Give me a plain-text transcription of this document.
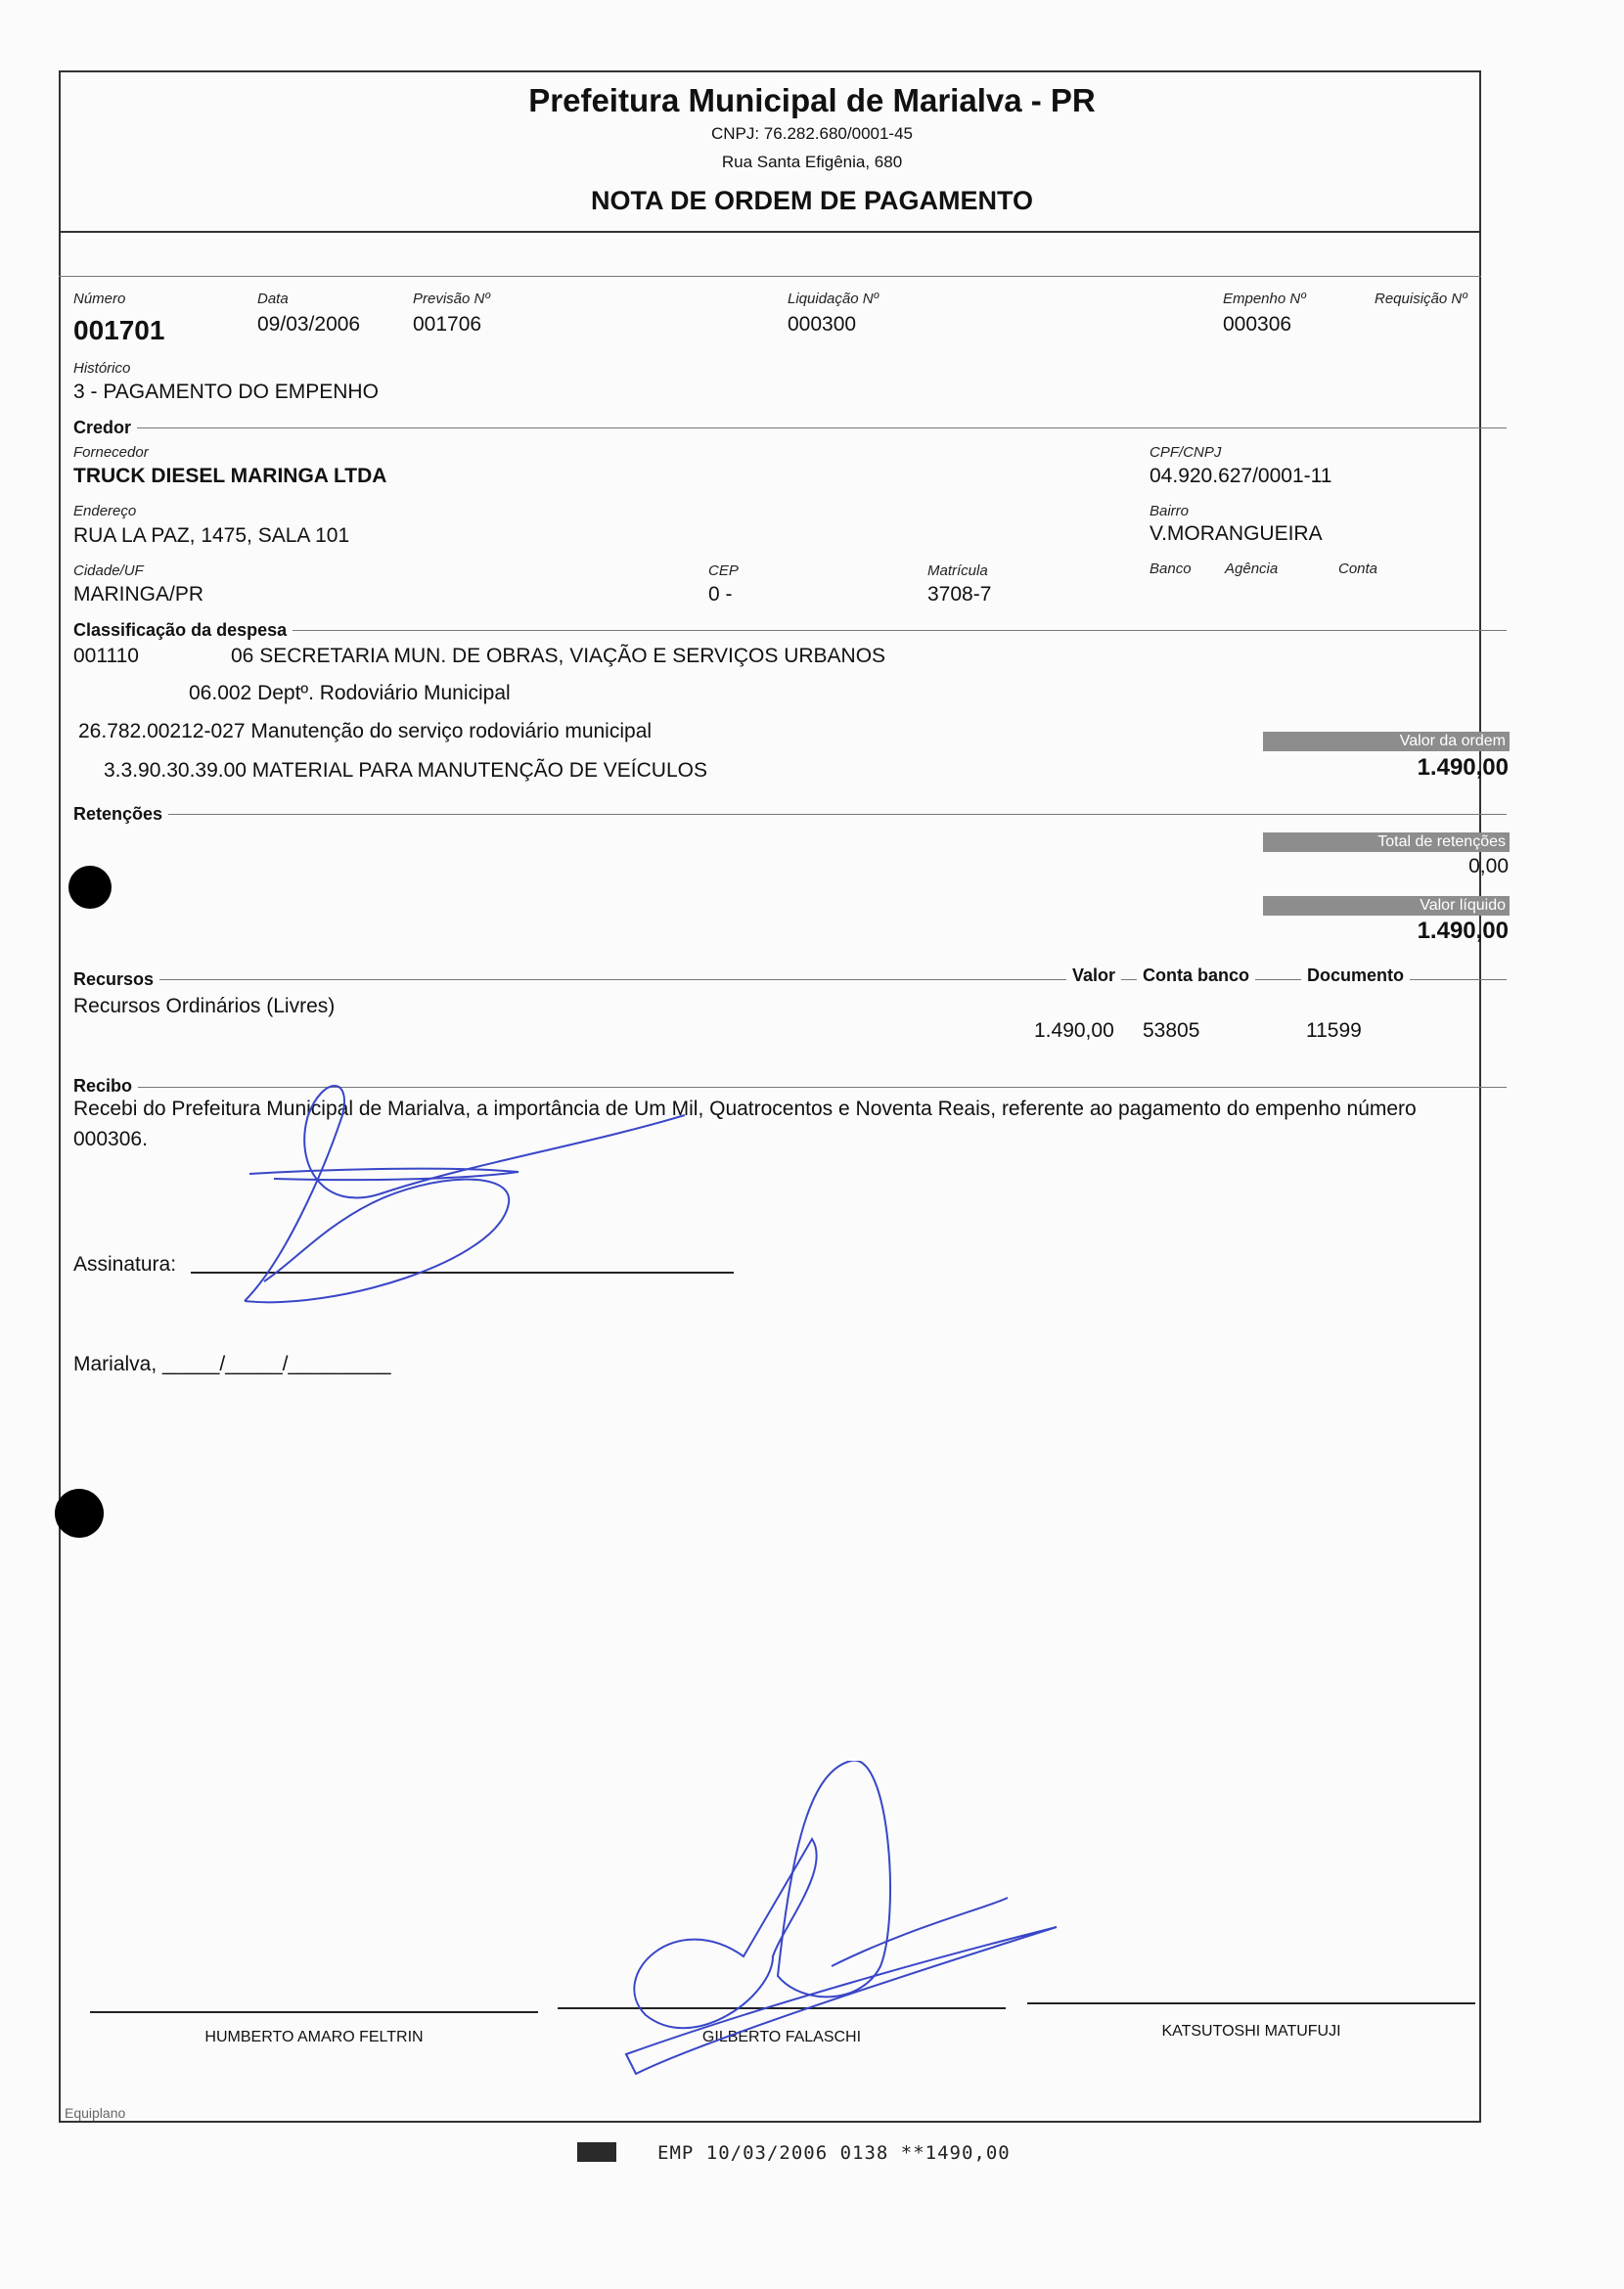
Prefeitura Municipal de Marialva - PR
CNPJ: 76.282.680/0001-45
Rua Santa Efigênia, 680
NOTA DE ORDEM DE PAGAMENTO
Número
001701
Data
09/03/2006
Previsão Nº
001706
Liquidação Nº
000300
Empenho Nº
000306
Requisição Nº
Histórico
3 - PAGAMENTO DO EMPENHO
Credor
Fornecedor
TRUCK DIESEL MARINGA LTDA
CPF/CNPJ
04.920.627/0001-11
Endereço
RUA LA PAZ, 1475, SALA 101
Bairro
V.MORANGUEIRA
Cidade/UF
MARINGA/PR
CEP
0 -
Matrícula
3708-7
Banco Agência	Conta
Classificação da despesa
001110	06 SECRETARIA MUN. DE OBRAS, VIAÇÃO E SERVIÇOS URBANOS
06.002 Deptº. Rodoviário Municipal
26.782.00212-027 Manutenção do serviço rodoviário municipal
3.3.90.30.39.00 MATERIAL PARA MANUTENÇÃO DE VEÍCULOS
Valor da ordem
1.490,00
Retenções
Total de retenções
0,00
Valor líquido
1.490,00
Recursos	Valor	Conta banco	Documento
Recursos Ordinários (Livres)
1.490,00 53805	11599
Recibo
Recebi do Prefeitura Municipal de Marialva, a importância de Um Mil, Quatrocentos e Noventa Reais, referente ao pagamento do empenho número
000306.
Assinatura:
Marialva, _____/_____/_________
HUMBERTO AMARO FELTRIN	GILBERTO FALASCHI	KATSUTOSHI MATUFUJI
Equiplano
EMP 10/03/2006 0138 **1490,00
